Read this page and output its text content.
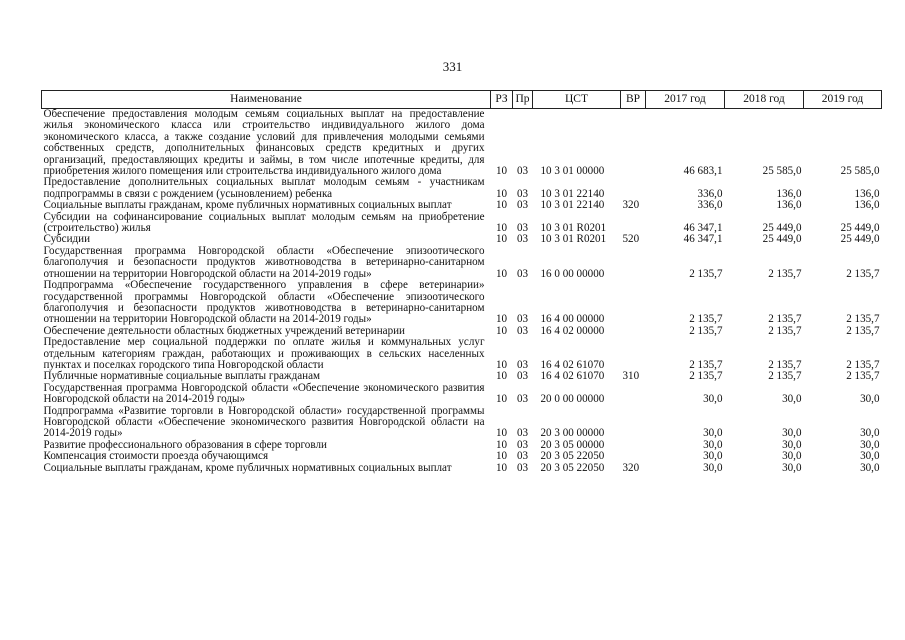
331
Наименование	РЗ	Пр	ЦСТ	ВР	2017 год	2018 год	2019 год
Обеспечение предоставления молодым семьям социальных выплат на предоставление жилья экономического класса или строительство индивидуального жилого дома экономического класса, а также создание условий для привлечения молодыми семьями собственных средств, дополнительных финансовых средств кредитных и других организаций, предоставляющих кредиты и займы, в том числе ипотечные кредиты, для приобретения жилого помещения или строительства индивидуального жилого дома	10	03	10 3 01 00000		46 683,1	25 585,0	25 585,0
Предоставление дополнительных социальных выплат молодым семьям - участникам подпрограммы в связи с рождением (усыновлением) ребенка	10	03	10 3 01 22140		336,0	136,0	136,0
Социальные выплаты гражданам, кроме публичных нормативных социальных выплат	10	03	10 3 01 22140	320	336,0	136,0	136,0
Субсидии на софинансирование социальных выплат молодым семьям на приобретение (строительство) жилья	10	03	10 3 01 R0201		46 347,1	25 449,0	25 449,0
Субсидии	10	03	10 3 01 R0201	520	46 347,1	25 449,0	25 449,0
Государственная программа Новгородской области «Обеспечение эпизоотического благополучия и безопасности продуктов животноводства в ветеринарно-санитарном отношении на территории Новгородской области на 2014-2019 годы»	10	03	16 0 00 00000		2 135,7	2 135,7	2 135,7
Подпрограмма «Обеспечение государственного управления в сфере ветеринарии» государственной программы Новгородской области «Обеспечение эпизоотического благополучия и безопасности продуктов животноводства в ветеринарно-санитарном отношении на территории Новгородской области на 2014-2019 годы»	10	03	16 4 00 00000		2 135,7	2 135,7	2 135,7
Обеспечение деятельности областных бюджетных учреждений ветеринарии	10	03	16 4 02 00000		2 135,7	2 135,7	2 135,7
Предоставление мер социальной поддержки по оплате жилья и коммунальных услуг отдельным категориям граждан, работающих и проживающих в сельских населенных пунктах и поселках городского типа Новгородской области	10	03	16 4 02 61070		2 135,7	2 135,7	2 135,7
Публичные нормативные социальные выплаты гражданам	10	03	16 4 02 61070	310	2 135,7	2 135,7	2 135,7
Государственная программа Новгородской области «Обеспечение экономического развития Новгородской области на 2014-2019 годы»	10	03	20 0 00 00000		30,0	30,0	30,0
Подпрограмма «Развитие торговли в Новгородской области» государственной программы Новгородской области «Обеспечение экономического развития Новгородской области на 2014-2019 годы»	10	03	20 3 00 00000		30,0	30,0	30,0
Развитие профессионального образования в сфере торговли	10	03	20 3 05 00000		30,0	30,0	30,0
Компенсация стоимости проезда обучающимся	10	03	20 3 05 22050		30,0	30,0	30,0
Социальные выплаты гражданам, кроме публичных нормативных социальных выплат	10	03	20 3 05 22050	320	30,0	30,0	30,0
